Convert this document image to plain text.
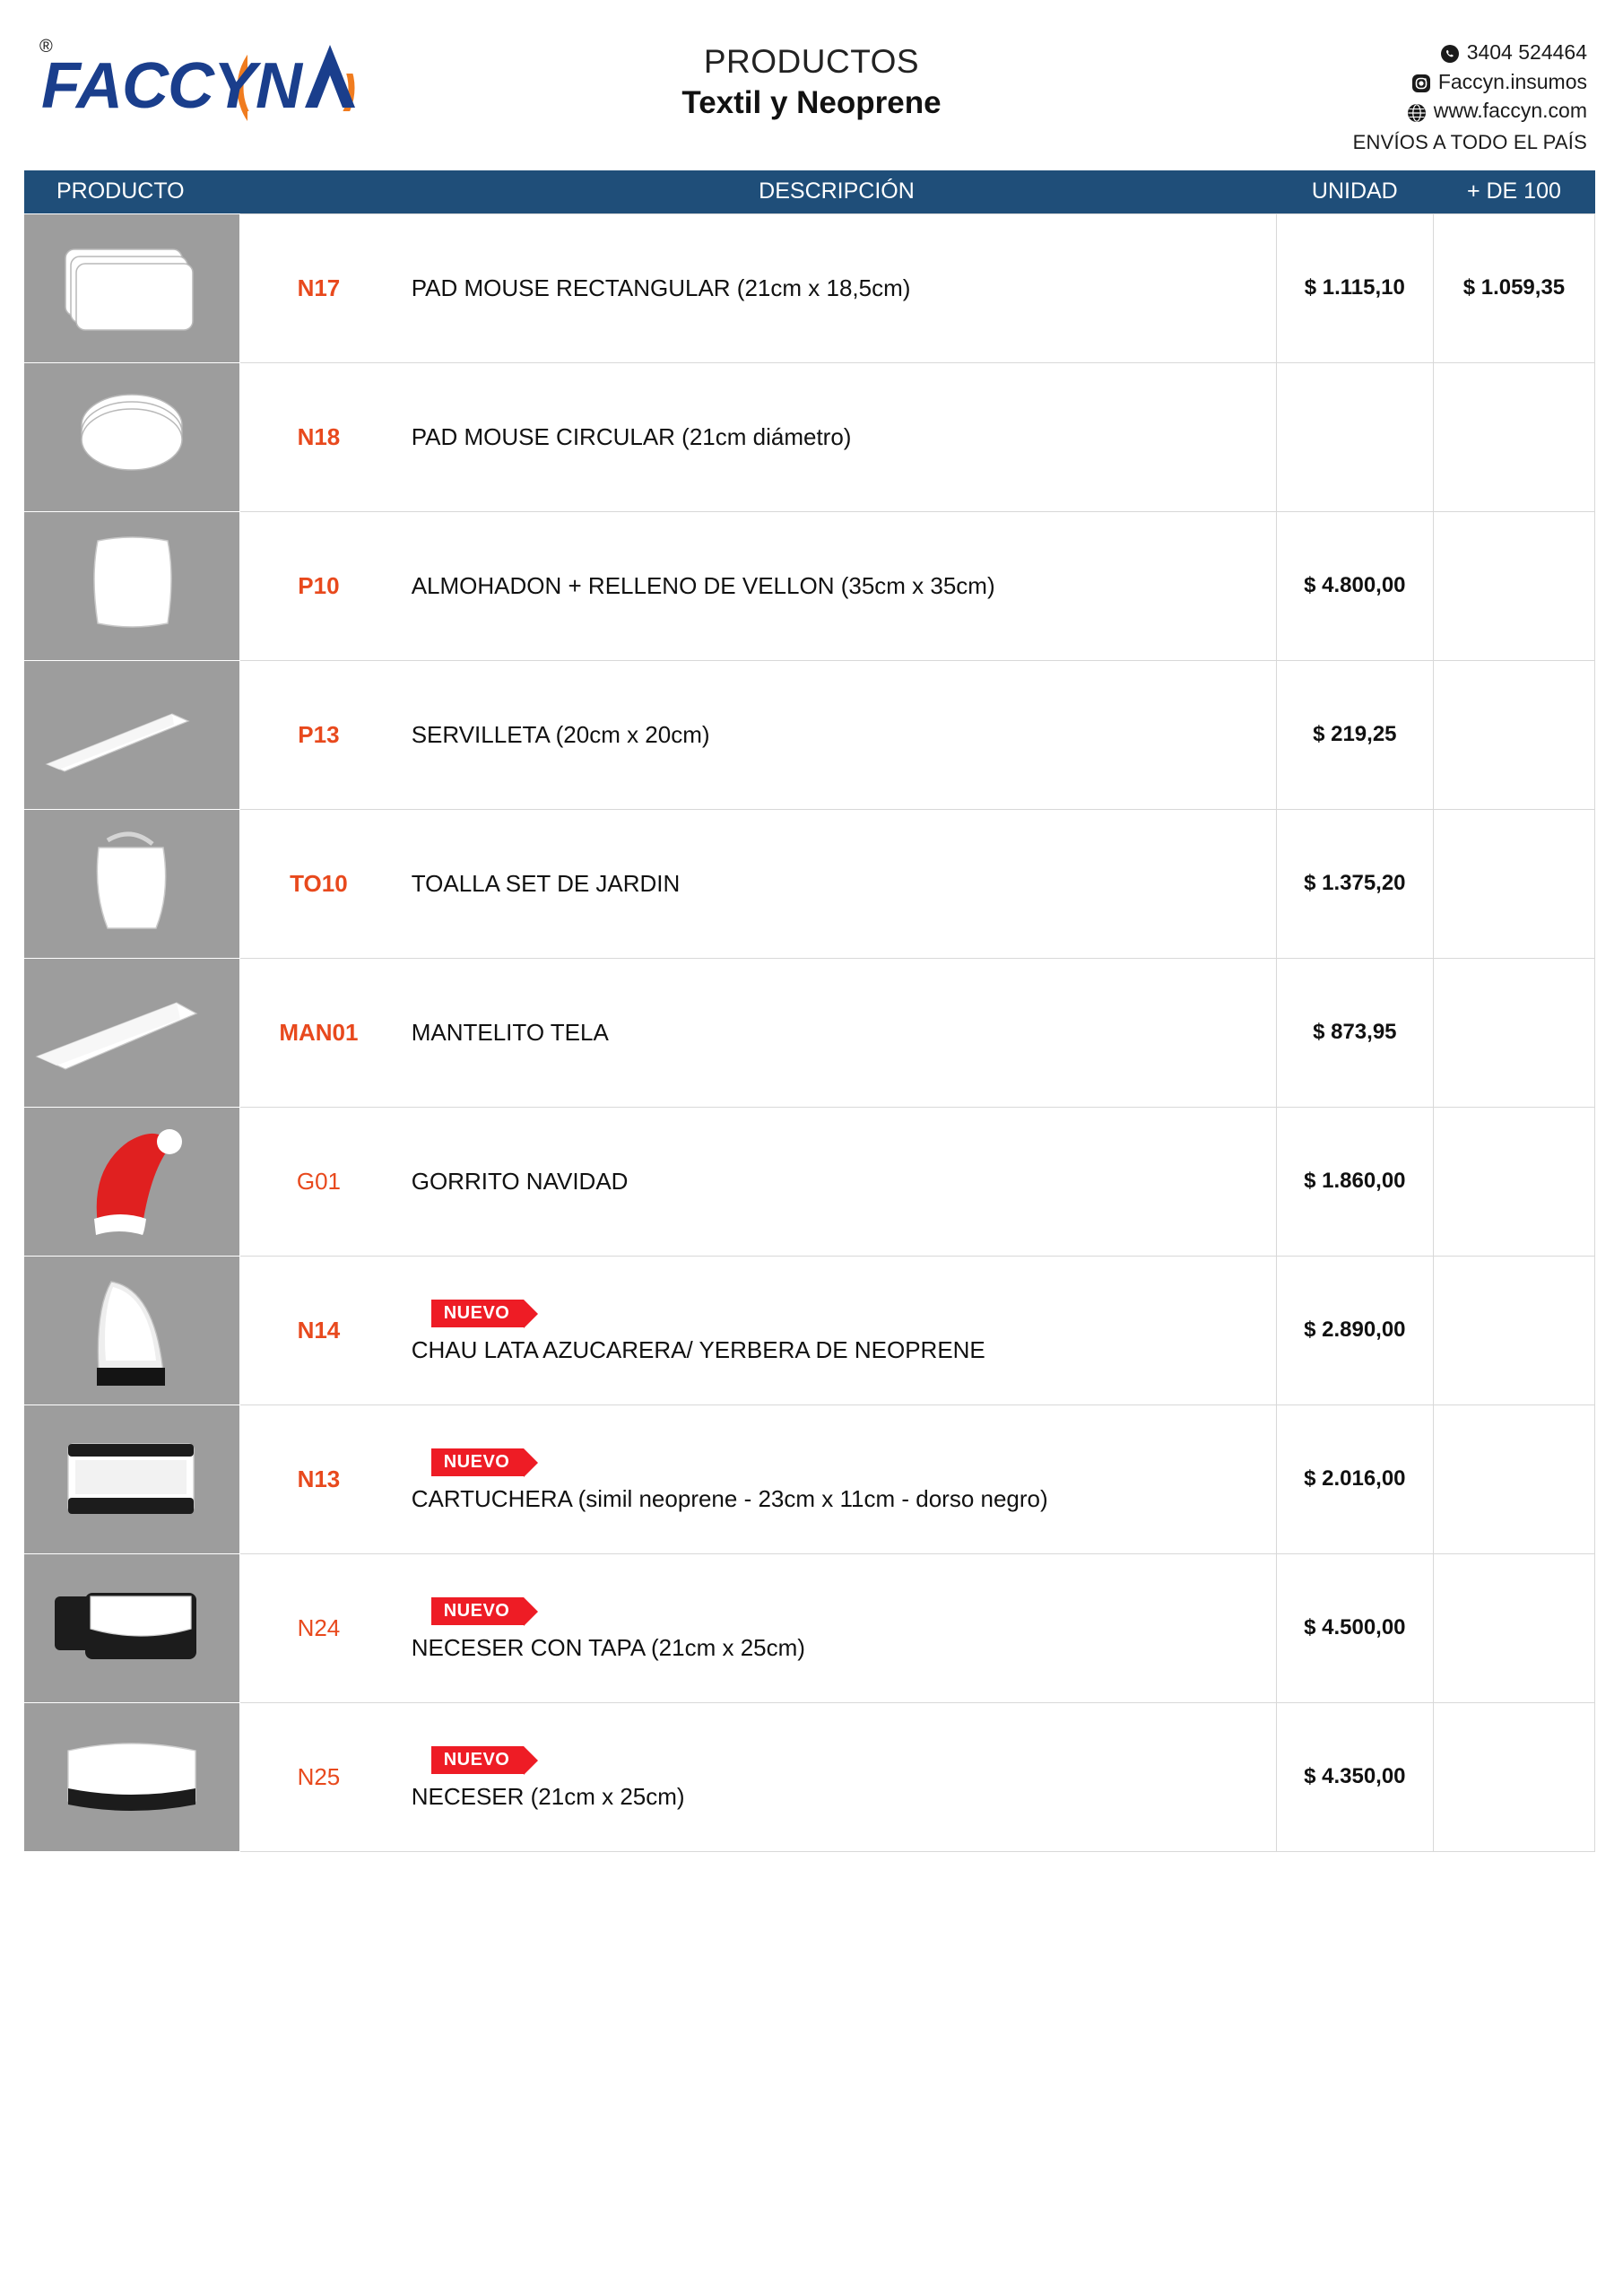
FACCYN
®	PRODUCTOS
Textil y Neoprene
3404 524464
Faccyn.insumos
www.faccyn.com
ENVÍOS A TODO EL PAÍS
PRODUCTO		DESCRIPCIÓN	UNIDAD	+ DE 100

	N17	PAD MOUSE RECTANGULAR (21cm x 18,5cm)	$ 1.115,10	$ 1.059,35

	N18	PAD MOUSE CIRCULAR (21cm diámetro)		

	P10	ALMOHADON + RELLENO DE VELLON (35cm x 35cm)	$ 4.800,00	

	P13	SERVILLETA (20cm x 20cm)	$ 219,25	

	TO10	TOALLA SET DE JARDIN	$ 1.375,20	

	MAN01	MANTELITO TELA	$ 873,95	

	G01	GORRITO NAVIDAD	$ 1.860,00	

	N14	NUEVO
CHAU LATA AZUCARERA/ YERBERA DE NEOPRENE	$ 2.890,00	

	N13	NUEVO
CARTUCHERA (simil neoprene - 23cm x 11cm - dorso negro)	$ 2.016,00	

	N24	NUEVO
NECESER CON TAPA (21cm x 25cm)	$ 4.500,00	

	N25	NUEVO
NECESER (21cm x 25cm)	$ 4.350,00	
